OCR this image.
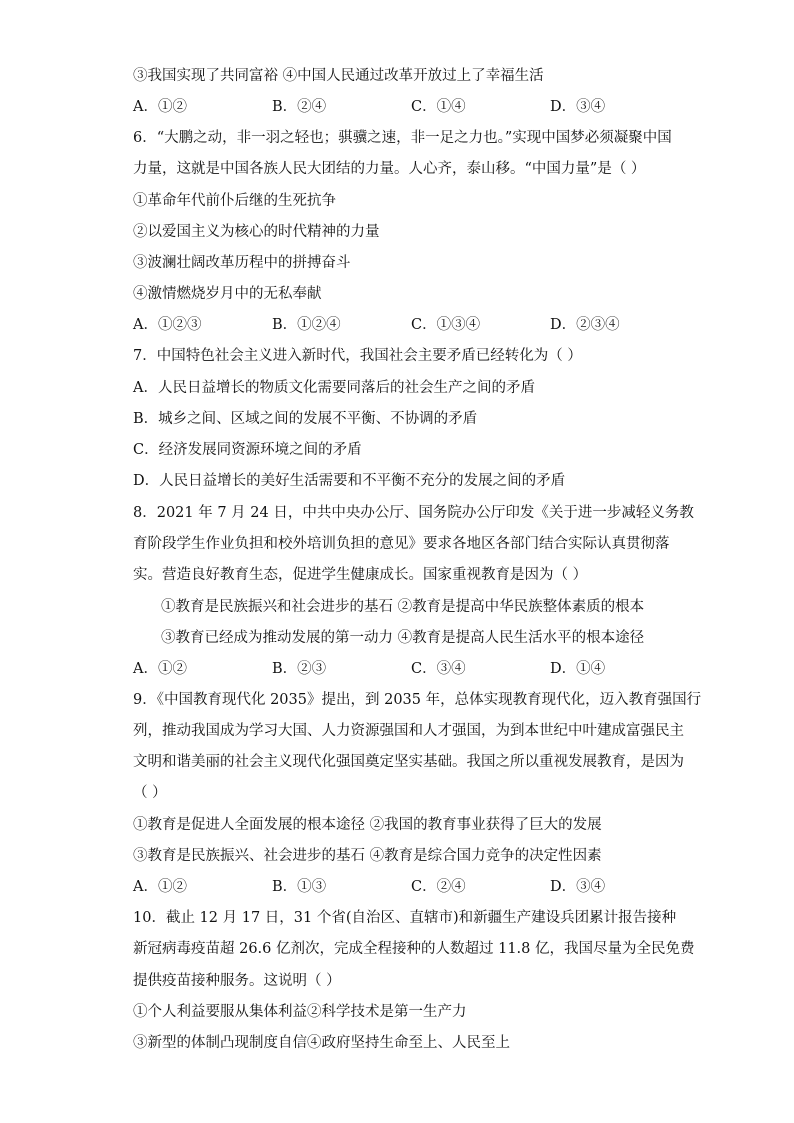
③我国实现了共同富裕 ④中国人民通过改革开放过上了幸福生活
A．①②	B．②④	C．①④	D．③④
6．“大鹏之动，非一羽之轻也；骐骥之速，非一足之力也。”实现中国梦必须凝聚中国
力量，这就是中国各族人民大团结的力量。人心齐，泰山移。“中国力量”是（ ）
①革命年代前仆后继的生死抗争
②以爱国主义为核心的时代精神的力量
③波澜壮阔改革历程中的拼搏奋斗
④激情燃烧岁月中的无私奉献
A．①②③	B．①②④	C．①③④	D．②③④
7．中国特色社会主义进入新时代，我国社会主要矛盾已经转化为（ ）
A．人民日益增长的物质文化需要同落后的社会生产之间的矛盾
B．城乡之间、区域之间的发展不平衡、不协调的矛盾
C．经济发展同资源环境之间的矛盾
D．人民日益增长的美好生活需要和不平衡不充分的发展之间的矛盾
8．2021 年 7 月 24 日，中共中央办公厅、国务院办公厅印发《关于进一步减轻义务教
育阶段学生作业负担和校外培训负担的意见》要求各地区各部门结合实际认真贯彻落
实。营造良好教育生态，促进学生健康成长。国家重视教育是因为（ ）
①教育是民族振兴和社会进步的基石 ②教育是提高中华民族整体素质的根本
③教育已经成为推动发展的第一动力 ④教育是提高人民生活水平的根本途径
A．①②	B．②③	C．③④	D．①④
9．《中国教育现代化 2035》提出，到 2035 年，总体实现教育现代化，迈入教育强国行
列，推动我国成为学习大国、人力资源强国和人才强国，为到本世纪中叶建成富强民主
文明和谐美丽的社会主义现代化强国奠定坚实基础。我国之所以重视发展教育，是因为
（ ）
①教育是促进人全面发展的根本途径 ②我国的教育事业获得了巨大的发展
③教育是民族振兴、社会进步的基石 ④教育是综合国力竞争的决定性因素
A．①②	B．①③	C．②④	D．③④
10．截止 12 月 17 日，31 个省(自治区、直辖市)和新疆生产建设兵团累计报告接种
新冠病毒疫苗超 26.6 亿剂次，完成全程接种的人数超过 11.8 亿，我国尽量为全民免费
提供疫苗接种服务。这说明（ ）
①个人利益要服从集体利益②科学技术是第一生产力
③新型的体制凸现制度自信④政府坚持生命至上、人民至上
